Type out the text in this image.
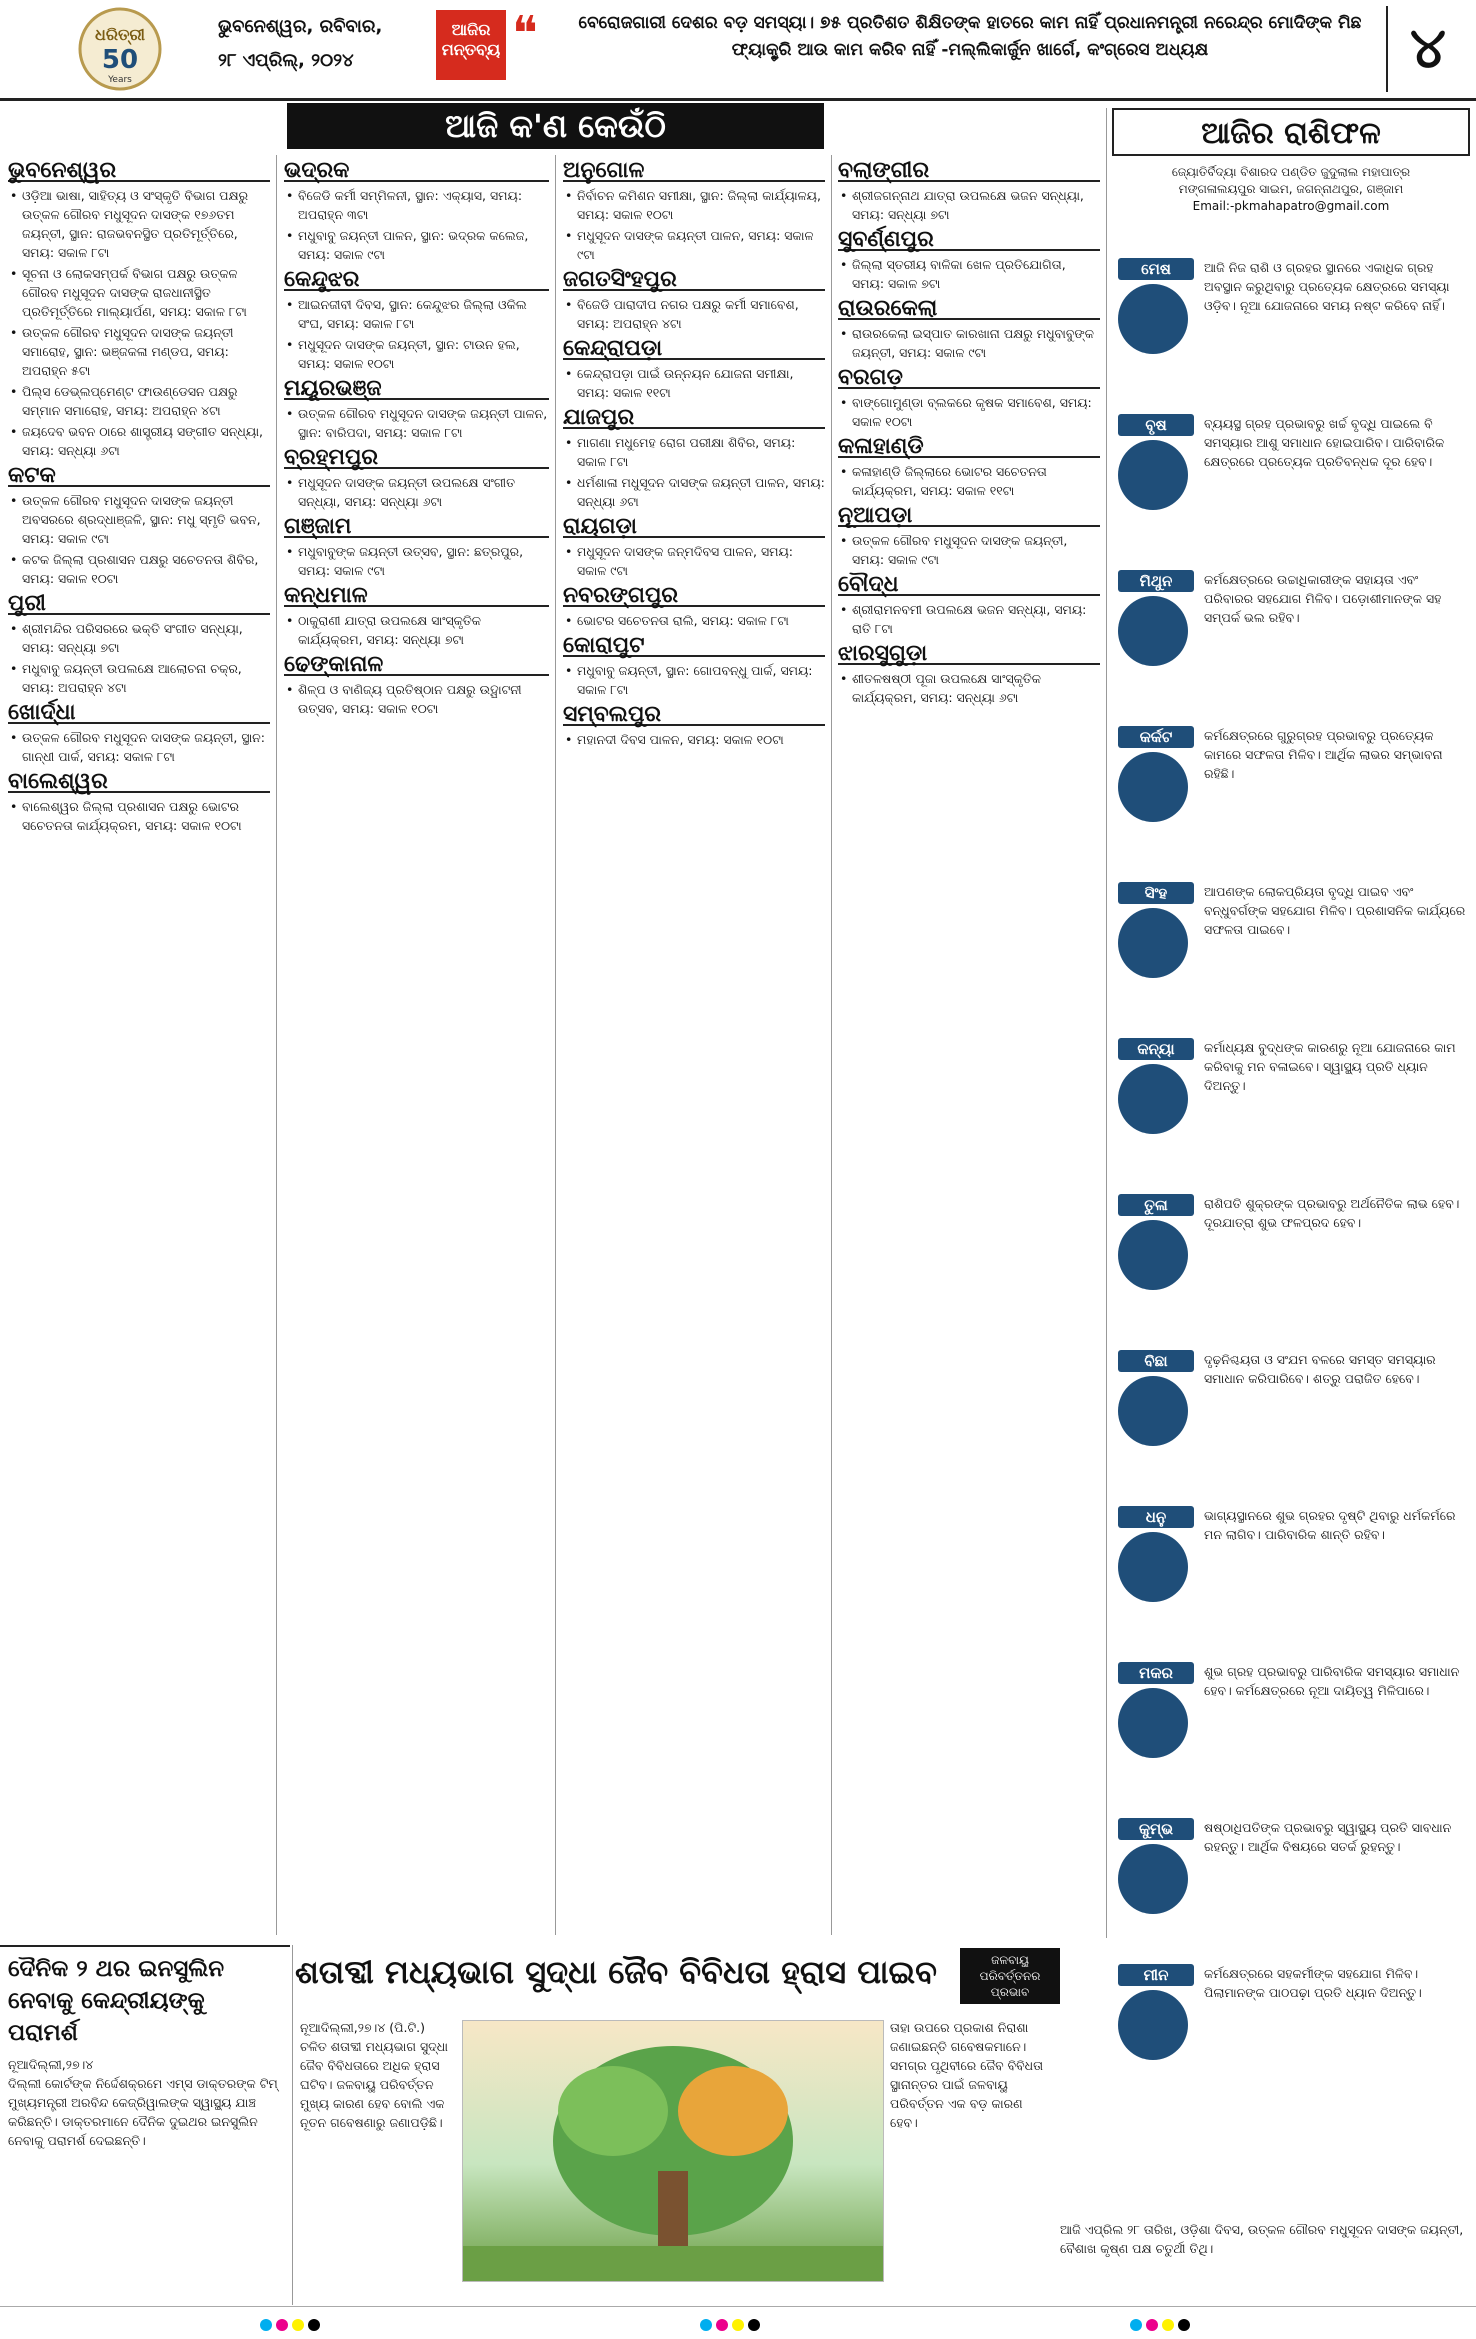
ଧରିତ୍ରୀ
50
Years
ଭୁବନେଶ୍ୱର, ରବିବାର,
୨୮ ଏପ୍ରିଲ୍, ୨୦୨୪
ଆଜିର ମନ୍ତବ୍ୟ ❝ ବେରୋଜଗାରୀ ଦେଶର ବଡ଼ ସମସ୍ୟା। ୭୫ ପ୍ରତିଶତ ଶିକ୍ଷିତଙ୍କ ହାତରେ କାମ ନାହିଁ ପ୍ରଧାନମନ୍ତ୍ରୀ ନରେନ୍ଦ୍ର ମୋଦିଙ୍କ ମିଛ ଫ୍ୟାକ୍ଟ୍ରି ଆଉ କାମ କରିବ ନାହିଁ -ମଲ୍ଲିକାର୍ଜୁନ ଖାର୍ଗେ, କଂଗ୍ରେସ ଅଧ୍ୟକ୍ଷ	୪
ଆଜି କ'ଣ କେଉଁଠି
ଭୁବନେଶ୍ୱର
• ଓଡ଼ିଆ ଭାଷା, ସାହିତ୍ୟ ଓ ସଂସ୍କୃତି ବିଭାଗ ପକ୍ଷରୁ ଉତ୍କଳ ଗୌରବ ମଧୁସୂଦନ ଦାସଙ୍କ ୧୭୬ତମ ଜୟନ୍ତୀ, ସ୍ଥାନ: ରାଜଭବନସ୍ଥିତ ପ୍ରତିମୂର୍ତ୍ତିରେ, ସମୟ: ସକାଳ ୮ଟା
• ସୂଚନା ଓ ଲୋକସମ୍ପର୍କ ବିଭାଗ ପକ୍ଷରୁ ଉତ୍କଳ ଗୌରବ ମଧୁସୂଦନ ଦାସଙ୍କ ରାଜଧାନୀସ୍ଥିତ ପ୍ରତିମୂର୍ତ୍ତିରେ ମାଲ୍ୟାର୍ପଣ, ସମୟ: ସକାଳ ୮ଟା
• ଉତ୍କଳ ଗୌରବ ମଧୁସୂଦନ ଦାସଙ୍କ ଜୟନ୍ତୀ ସମାରୋହ, ସ୍ଥାନ: ଭଞ୍ଜକଳା ମଣ୍ଡପ, ସମୟ: ଅପରାହ୍ନ ୫ଟା
• ପିଲ୍ସ ଡେଭ୍‌ଲପ୍‌ମେଣ୍ଟ ଫାଉଣ୍ଡେସନ ପକ୍ଷରୁ ସମ୍ମାନ ସମାରୋହ, ସମୟ: ଅପରାହ୍ନ ୪ଟା
• ଜୟଦେବ ଭବନ ଠାରେ ଶାସ୍ତ୍ରୀୟ ସଙ୍ଗୀତ ସନ୍ଧ୍ୟା, ସମୟ: ସନ୍ଧ୍ୟା ୬ଟା
କଟକ
• ଉତ୍କଳ ଗୌରବ ମଧୁସୂଦନ ଦାସଙ୍କ ଜୟନ୍ତୀ ଅବସରରେ ଶ୍ରଦ୍ଧାଞ୍ଜଳି, ସ୍ଥାନ: ମଧୁ ସ୍ମୃତି ଭବନ, ସମୟ: ସକାଳ ୯ଟା
• କଟକ ଜିଲ୍ଲା ପ୍ରଶାସନ ପକ୍ଷରୁ ସଚେତନତା ଶିବିର, ସମୟ: ସକାଳ ୧୦ଟା
ପୁରୀ
• ଶ୍ରୀମନ୍ଦିର ପରିସରରେ ଭକ୍ତି ସଂଗୀତ ସନ୍ଧ୍ୟା, ସମୟ: ସନ୍ଧ୍ୟା ୭ଟା
• ମଧୁବାବୁ ଜୟନ୍ତୀ ଉପଲକ୍ଷେ ଆଲୋଚନା ଚକ୍ର, ସମୟ: ଅପରାହ୍ନ ୪ଟା
ଖୋର୍ଦ୍ଧା
• ଉତ୍କଳ ଗୌରବ ମଧୁସୂଦନ ଦାସଙ୍କ ଜୟନ୍ତୀ, ସ୍ଥାନ: ଗାନ୍ଧୀ ପାର୍କ, ସମୟ: ସକାଳ ୮ଟା
ବାଲେଶ୍ୱର
• ବାଲେଶ୍ୱର ଜିଲ୍ଲା ପ୍ରଶାସନ ପକ୍ଷରୁ ଭୋଟର ସଚେତନତା କାର୍ଯ୍ୟକ୍ରମ, ସମୟ: ସକାଳ ୧୦ଟା
ଭଦ୍ରକ
• ବିଜେଡି କର୍ମୀ ସମ୍ମିଳନୀ, ସ୍ଥାନ: ଏକ୍ୟାସ, ସମୟ: ଅପରାହ୍ନ ୩ଟା
• ମଧୁବାବୁ ଜୟନ୍ତୀ ପାଳନ, ସ୍ଥାନ: ଭଦ୍ରକ କଲେଜ, ସମୟ: ସକାଳ ୯ଟା
କେନ୍ଦୁଝର
• ଆଇନଜୀବୀ ଦିବସ, ସ୍ଥାନ: କେନ୍ଦୁଝର ଜିଲ୍ଲା ଓକିଲ ସଂଘ, ସମୟ: ସକାଳ ୮ଟା
• ମଧୁସୂଦନ ଦାସଙ୍କ ଜୟନ୍ତୀ, ସ୍ଥାନ: ଟାଉନ ହଲ, ସମୟ: ସକାଳ ୧୦ଟା
ମୟୂରଭଞ୍ଜ
• ଉତ୍କଳ ଗୌରବ ମଧୁସୂଦନ ଦାସଙ୍କ ଜୟନ୍ତୀ ପାଳନ, ସ୍ଥାନ: ବାରିପଦା, ସମୟ: ସକାଳ ୮ଟା
ବ୍ରହ୍ମପୁର
• ମଧୁସୂଦନ ଦାସଙ୍କ ଜୟନ୍ତୀ ଉପଲକ୍ଷେ ସଂଗୀତ ସନ୍ଧ୍ୟା, ସମୟ: ସନ୍ଧ୍ୟା ୬ଟା
ଗଞ୍ଜାମ
• ମଧୁବାବୁଙ୍କ ଜୟନ୍ତୀ ଉତ୍ସବ, ସ୍ଥାନ: ଛତ୍ରପୁର, ସମୟ: ସକାଳ ୯ଟା
କନ୍ଧମାଳ
• ଠାକୁରାଣୀ ଯାତ୍ରା ଉପଲକ୍ଷେ ସାଂସ୍କୃତିକ କାର୍ଯ୍ୟକ୍ରମ, ସମୟ: ସନ୍ଧ୍ୟା ୭ଟା
ଢେଙ୍କାନାଳ
• ଶିଳ୍ପ ଓ ବାଣିଜ୍ୟ ପ୍ରତିଷ୍ଠାନ ପକ୍ଷରୁ ଉଦ୍ଘାଟନୀ ଉତ୍ସବ, ସମୟ: ସକାଳ ୧୦ଟା
ଅନୁଗୋଳ
• ନିର୍ବାଚନ କମିଶନ ସମୀକ୍ଷା, ସ୍ଥାନ: ଜିଲ୍ଲା କାର୍ଯ୍ୟାଳୟ, ସମୟ: ସକାଳ ୧୦ଟା
• ମଧୁସୂଦନ ଦାସଙ୍କ ଜୟନ୍ତୀ ପାଳନ, ସମୟ: ସକାଳ ୯ଟା
ଜଗତସିଂହପୁର
• ବିଜେଡି ପାରାଦୀପ ନଗର ପକ୍ଷରୁ କର୍ମୀ ସମାବେଶ, ସମୟ: ଅପରାହ୍ନ ୪ଟା
କେନ୍ଦ୍ରାପଡ଼ା
• କେନ୍ଦ୍ରାପଡ଼ା ପାଇଁ ଉନ୍ନୟନ ଯୋଜନା ସମୀକ୍ଷା, ସମୟ: ସକାଳ ୧୧ଟା
ଯାଜପୁର
• ମାଗଣା ମଧୁମେହ ରୋଗ ପରୀକ୍ଷା ଶିବିର, ସମୟ: ସକାଳ ୮ଟା
• ଧର୍ମଶାଳା ମଧୁସୂଦନ ଦାସଙ୍କ ଜୟନ୍ତୀ ପାଳନ, ସମୟ: ସନ୍ଧ୍ୟା ୬ଟା
ରାୟଗଡ଼ା
• ମଧୁସୂଦନ ଦାସଙ୍କ ଜନ୍ମଦିବସ ପାଳନ, ସମୟ: ସକାଳ ୯ଟା
ନବରଙ୍ଗପୁର
• ଭୋଟର ସଚେତନତା ରାଲି, ସମୟ: ସକାଳ ୮ଟା
କୋରାପୁଟ
• ମଧୁବାବୁ ଜୟନ୍ତୀ, ସ୍ଥାନ: ଗୋପବନ୍ଧୁ ପାର୍କ, ସମୟ: ସକାଳ ୮ଟା
ସମ୍ବଲପୁର
• ମହାନଦୀ ଦିବସ ପାଳନ, ସମୟ: ସକାଳ ୧୦ଟା
ବଲାଙ୍ଗୀର
• ଶ୍ରୀଜଗନ୍ନାଥ ଯାତ୍ରା ଉପଲକ୍ଷେ ଭଜନ ସନ୍ଧ୍ୟା, ସମୟ: ସନ୍ଧ୍ୟା ୭ଟା
ସୁବର୍ଣ୍ଣପୁର
• ଜିଲ୍ଲା ସ୍ତରୀୟ ବାଳିକା ଖେଳ ପ୍ରତିଯୋଗିତା, ସମୟ: ସକାଳ ୭ଟା
ରାଉରକେଲା
• ରାଉରକେଲା ଇସ୍ପାତ କାରଖାନା ପକ୍ଷରୁ ମଧୁବାବୁଙ୍କ ଜୟନ୍ତୀ, ସମୟ: ସକାଳ ୯ଟା
ବରଗଡ଼
• ବାଙ୍ଗୋମୁଣ୍ଡା ବ୍ଲକରେ କୃଷକ ସମାବେଶ, ସମୟ: ସକାଳ ୧୦ଟା
କଳାହାଣ୍ଡି
• କଳାହାଣ୍ଡି ଜିଲ୍ଲାରେ ଭୋଟର ସଚେତନତା କାର୍ଯ୍ୟକ୍ରମ, ସମୟ: ସକାଳ ୧୧ଟା
ନୂଆପଡ଼ା
• ଉତ୍କଳ ଗୌରବ ମଧୁସୂଦନ ଦାସଙ୍କ ଜୟନ୍ତୀ, ସମୟ: ସକାଳ ୯ଟା
ବୌଦ୍ଧ
• ଶ୍ରୀରାମନବମୀ ଉପଲକ୍ଷେ ଭଜନ ସନ୍ଧ୍ୟା, ସମୟ: ରାତି ୮ଟା
ଝାରସୁଗୁଡ଼ା
• ଶୀତଳଷଷ୍ଠୀ ପୂଜା ଉପଲକ୍ଷେ ସାଂସ୍କୃତିକ କାର୍ଯ୍ୟକ୍ରମ, ସମୟ: ସନ୍ଧ୍ୟା ୬ଟା
ଆଜିର ରାଶିଫଳ
ଜ୍ୟୋତିର୍ବିଦ୍ୟା ବିଶାରଦ ପଣ୍ଡିତ ଜୁଦୁଲାଲ ମହାପାତ୍ର
ମଙ୍ଗଳାଲୟପୁର ସାଇମ, ଜଗନ୍ନାଥପୁର, ଗଞ୍ଜାମ
Email:-pkmahapatro@gmail.com
ମେଷ	ଆଜି ନିଜ ରାଶି ଓ ଗ୍ରହର ସ୍ଥାନରେ ଏକାଧିକ ଗ୍ରହ ଅବସ୍ଥାନ କରୁଥିବାରୁ ପ୍ରତ୍ୟେକ କ୍ଷେତ୍ରରେ ସମସ୍ୟା ଓଡ଼ିବ। ନୂଆ ଯୋଜନାରେ ସମୟ ନଷ୍ଟ କରିବେ ନାହିଁ।
ବୃଷ	ବ୍ୟୟସ୍ଥ ଗ୍ରହ ପ୍ରଭାବରୁ ଖର୍ଚ୍ଚ ବୃଦ୍ଧି ପାଇଲେ ବି ସମସ୍ୟାର ଆଶୁ ସମାଧାନ ହୋଇପାରିବ। ପାରିବାରିକ କ୍ଷେତ୍ରରେ ପ୍ରତ୍ୟେକ ପ୍ରତିବନ୍ଧକ ଦୂର ହେବ।
ମିଥୁନ	କର୍ମକ୍ଷେତ୍ରରେ ଉଚ୍ଚାଧିକାରୀଙ୍କ ସହାୟତା ଏବଂ ପରିବାରର ସହଯୋଗ ମିଳିବ। ପଡ଼ୋଶୀମାନଙ୍କ ସହ ସମ୍ପର୍କ ଭଲ ରହିବ।
କର୍କଟ	କର୍ମକ୍ଷେତ୍ରରେ ଗୁରୁଗ୍ରହ ପ୍ରଭାବରୁ ପ୍ରତ୍ୟେକ କାମରେ ସଫଳତା ମିଳିବ। ଆର୍ଥିକ ଲାଭର ସମ୍ଭାବନା ରହିଛି।
ସିଂହ	ଆପଣଙ୍କ ଲୋକପ୍ରିୟତା ବୃଦ୍ଧି ପାଇବ ଏବଂ ବନ୍ଧୁବର୍ଗଙ୍କ ସହଯୋଗ ମିଳିବ। ପ୍ରଶାସନିକ କାର୍ଯ୍ୟରେ ସଫଳତା ପାଇବେ।
କନ୍ୟା	କର୍ମାଧ୍ୟକ୍ଷ ବୁଦ୍ଧଙ୍କ କାରଣରୁ ନୂଆ ଯୋଜନାରେ କାମ କରିବାକୁ ମନ ବଳାଇବେ। ସ୍ୱାସ୍ଥ୍ୟ ପ୍ରତି ଧ୍ୟାନ ଦିଅନ୍ତୁ।
ତୁଳା	ରାଶିପତି ଶୁକ୍ରଙ୍କ ପ୍ରଭାବରୁ ଅର୍ଥନୈତିକ ଲାଭ ହେବ। ଦୂରଯାତ୍ରା ଶୁଭ ଫଳପ୍ରଦ ହେବ।
ବିଛା	ଦୃଢ଼ନିଶ୍ଚୟତା ଓ ସଂଯମ ବଳରେ ସମସ୍ତ ସମସ୍ୟାର ସମାଧାନ କରିପାରିବେ। ଶତ୍ରୁ ପରାଜିତ ହେବେ।
ଧନୁ	ଭାଗ୍ୟସ୍ଥାନରେ ଶୁଭ ଗ୍ରହର ଦୃଷ୍ଟି ଥିବାରୁ ଧର୍ମକର୍ମରେ ମନ ଲାଗିବ। ପାରିବାରିକ ଶାନ୍ତି ରହିବ।
ମକର	ଶୁଭ ଗ୍ରହ ପ୍ରଭାବରୁ ପାରିବାରିକ ସମସ୍ୟାର ସମାଧାନ ହେବ। କର୍ମକ୍ଷେତ୍ରରେ ନୂଆ ଦାୟିତ୍ୱ ମିଳିପାରେ।
କୁମ୍ଭ	ଷଷ୍ଠାଧିପତିଙ୍କ ପ୍ରଭାବରୁ ସ୍ୱାସ୍ଥ୍ୟ ପ୍ରତି ସାବଧାନ ରହନ୍ତୁ। ଆର୍ଥିକ ବିଷୟରେ ସତର୍କ ରୁହନ୍ତୁ।
ମୀନ	କର୍ମକ୍ଷେତ୍ରରେ ସହକର୍ମୀଙ୍କ ସହଯୋଗ ମିଳିବ। ପିଲାମାନଙ୍କ ପାଠପଢ଼ା ପ୍ରତି ଧ୍ୟାନ ଦିଅନ୍ତୁ।
ଦୈନିକ ୨ ଥର ଇନସୁଲିନ ନେବାକୁ କେନ୍ଦ୍ରୀୟଙ୍କୁ ପରାମର୍ଶ
ନୂଆଦିଲ୍ଲୀ,୨୭।୪
ଦିଲ୍ଲୀ କୋର୍ଟଙ୍କ ନିର୍ଦ୍ଦେଶକ୍ରମେ ଏମ୍ସ ଡାକ୍ତରଙ୍କ ଟିମ୍ ମୁଖ୍ୟମନ୍ତ୍ରୀ ଅରବିନ୍ଦ କେଜ୍ରିୱାଲଙ୍କ ସ୍ୱାସ୍ଥ୍ୟ ଯାଞ୍ଚ କରିଛନ୍ତି। ଡାକ୍ତରମାନେ ଦୈନିକ ଦୁଇଥର ଇନସୁଲିନ ନେବାକୁ ପରାମର୍ଶ ଦେଇଛନ୍ତି।
ଶତାବ୍ଦୀ ମଧ୍ୟଭାଗ ସୁଦ୍ଧା ଜୈବ ବିବିଧତା ହ୍ରାସ ପାଇବ	ଜଳବାୟୁ ପରିବର୍ତ୍ତନର ପ୍ରଭାବ
ନୂଆଦିଲ୍ଲୀ,୨୭।୪ (ପି.ଟି.)
ଚଳିତ ଶତାବ୍ଦୀ ମଧ୍ୟଭାଗ ସୁଦ୍ଧା ଜୈବ ବିବିଧତାରେ ଅଧିକ ହ୍ରାସ ଘଟିବ। ଜଳବାୟୁ ପରିବର୍ତ୍ତନ ମୁଖ୍ୟ କାରଣ ହେବ ବୋଲି ଏକ ନୂତନ ଗବେଷଣାରୁ ଜଣାପଡ଼ିଛି।
ତାହା ଉପରେ ପ୍ରକାଶ ନିରାଶା ଜଣାଇଛନ୍ତି ଗବେଷକମାନେ। ସମଗ୍ର ପୃଥିବୀରେ ଜୈବ ବିବିଧତା ସ୍ଥାନାନ୍ତର ପାଇଁ ଜଳବାୟୁ ପରିବର୍ତ୍ତନ ଏକ ବଡ଼ କାରଣ ହେବ।
ଆଜି ଏପ୍ରିଲ ୨୮ ତାରିଖ, ଓଡ଼ିଶା ଦିବସ, ଉତ୍କଳ ଗୌରବ ମଧୁସୂଦନ ଦାସଙ୍କ ଜୟନ୍ତୀ, ବୈଶାଖ କୃଷ୍ଣ ପକ୍ଷ ଚତୁର୍ଥୀ ତିଥି।
